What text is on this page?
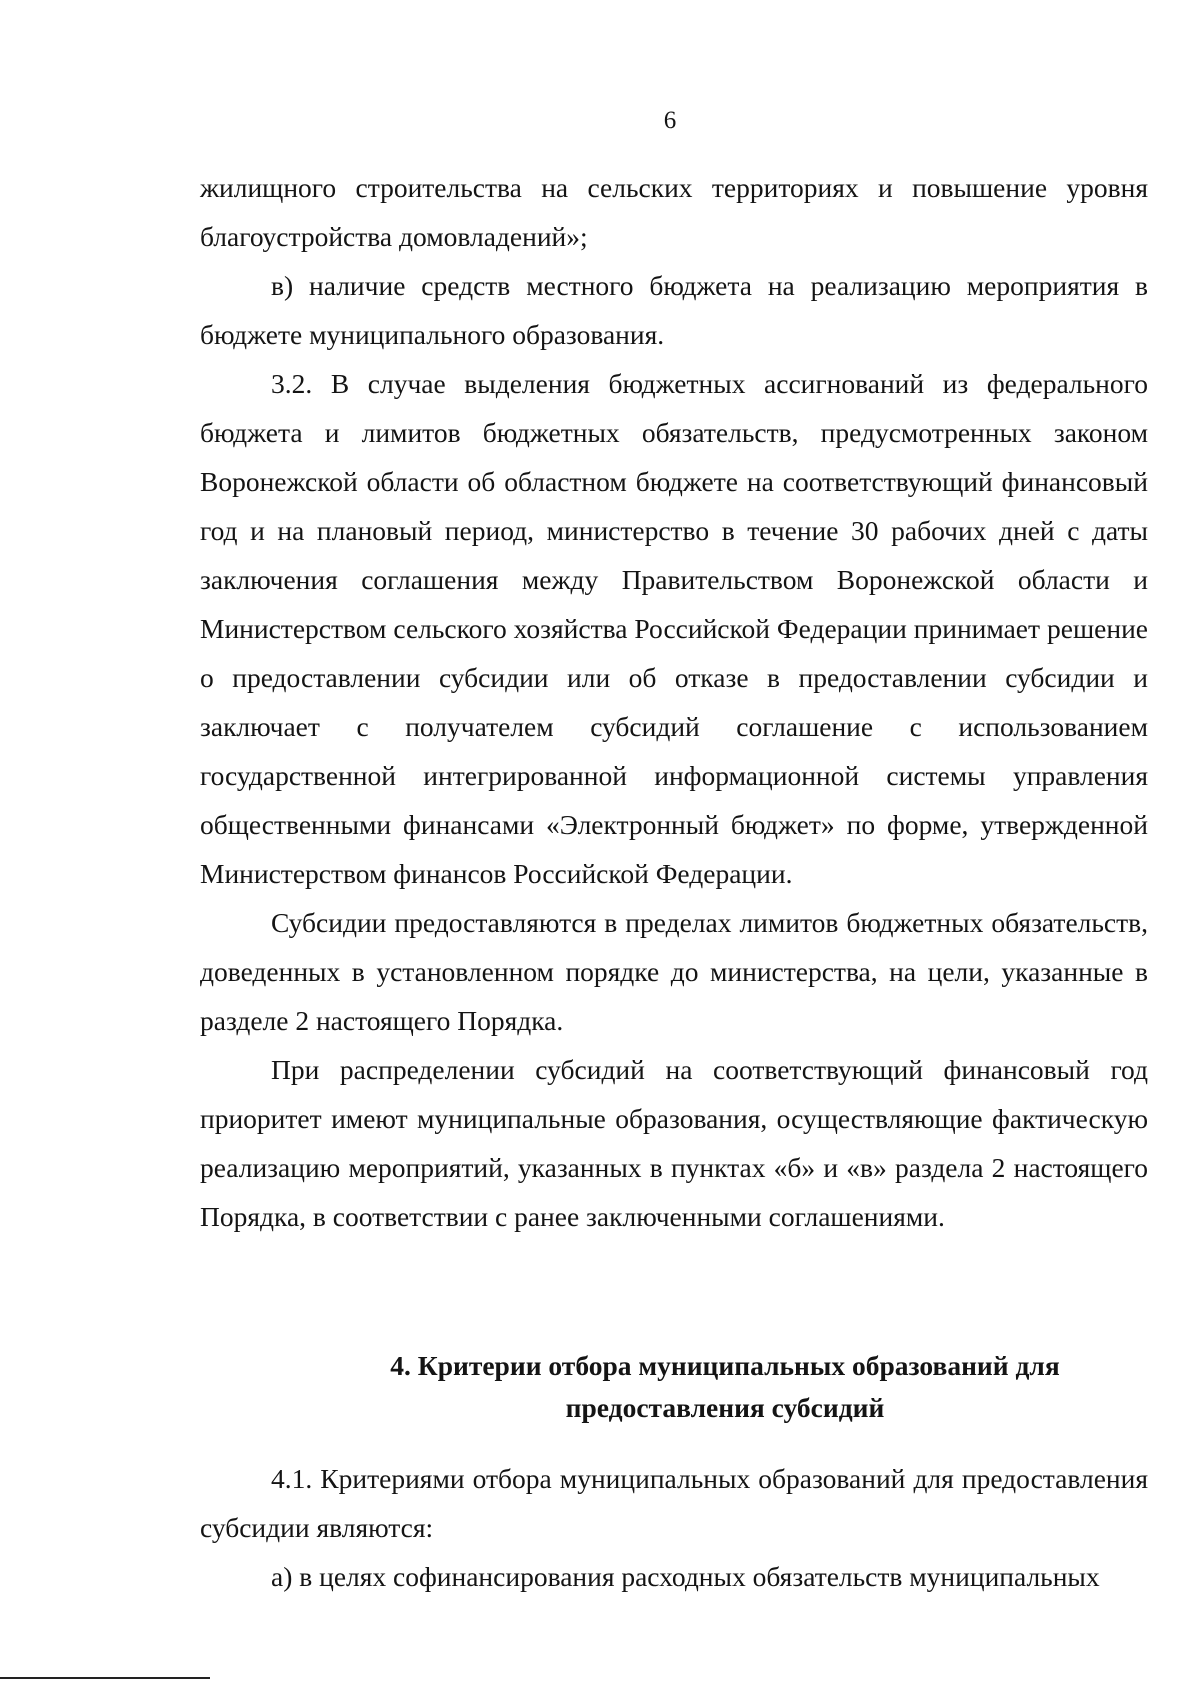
6

жилищного строительства на сельских территориях и повышение уровня благоустройства домовладений»;

в) наличие средств местного бюджета на реализацию мероприятия в бюджете муниципального образования.

3.2. В случае выделения бюджетных ассигнований из федерального бюджета и лимитов бюджетных обязательств, предусмотренных законом Воронежской области об областном бюджете на соответствующий финансовый год и на плановый период, министерство в течение 30 рабочих дней с даты заключения соглашения между Правительством Воронежской области и Министерством сельского хозяйства Российской Федерации принимает решение о предоставлении субсидии или об отказе в предоставлении субсидии и заключает с получателем субсидий соглашение с использованием государственной интегрированной информационной системы управления общественными финансами «Электронный бюджет» по форме, утвержденной Министерством финансов Российской Федерации.

Субсидии предоставляются в пределах лимитов бюджетных обязательств, доведенных в установленном порядке до министерства, на цели, указанные в разделе 2 настоящего Порядка.

При распределении субсидий на соответствующий финансовый год приоритет имеют муниципальные образования, осуществляющие фактическую реализацию мероприятий, указанных в пунктах «б» и «в» раздела 2 настоящего Порядка, в соответствии с ранее заключенными соглашениями.

4. Критерии отбора муниципальных образований для
предоставления субсидий

4.1. Критериями отбора муниципальных образований для предоставления субсидии являются:

а) в целях софинансирования расходных обязательств муниципальных
